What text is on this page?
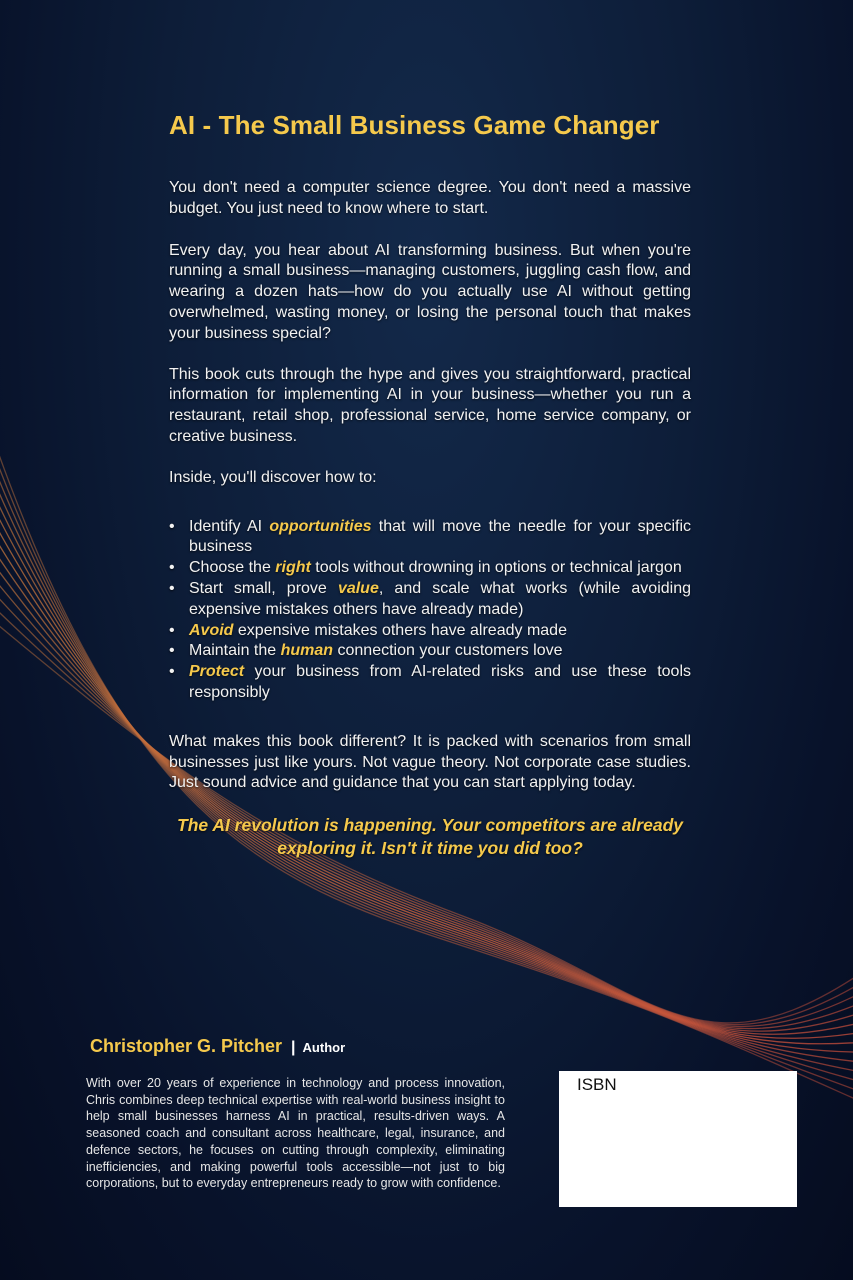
AI - The Small Business Game Changer

You don't need a computer science degree. You don't need a massive budget. You just need to know where to start.

Every day, you hear about AI transforming business. But when you're running a small business—managing customers, juggling cash flow, and wearing a dozen hats—how do you actually use AI without getting overwhelmed, wasting money, or losing the personal touch that makes your business special?

This book cuts through the hype and gives you straightforward, practical information for implementing AI in your business—whether you run a restaurant, retail shop, professional service, home service company, or creative business.

Inside, you'll discover how to:

• Identify AI opportunities that will move the needle for your specific business
• Choose the right tools without drowning in options or technical jargon
• Start small, prove value, and scale what works (while avoiding expensive mistakes others have already made)
• Avoid expensive mistakes others have already made
• Maintain the human connection your customers love
• Protect your business from AI-related risks and use these tools responsibly

What makes this book different? It is packed with scenarios from small businesses just like yours. Not vague theory. Not corporate case studies. Just sound advice and guidance that you can start applying today.

The AI revolution is happening. Your competitors are already exploring it. Isn't it time you did too?

Christopher G. Pitcher | Author

With over 20 years of experience in technology and process innovation, Chris combines deep technical expertise with real-world business insight to help small businesses harness AI in practical, results-driven ways. A seasoned coach and consultant across healthcare, legal, insurance, and defence sectors, he focuses on cutting through complexity, eliminating inefficiencies, and making powerful tools accessible—not just to big corporations, but to everyday entrepreneurs ready to grow with confidence.

ISBN
